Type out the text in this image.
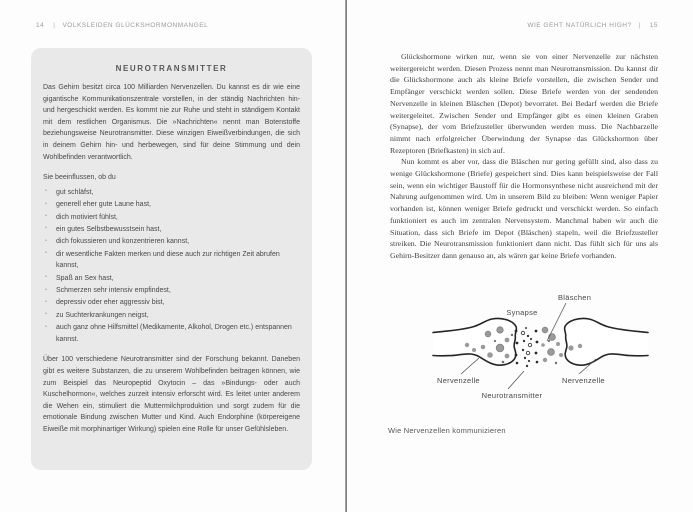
14 | VOLKSLEIDEN GLÜCKSHORMONMANGEL	WIE GEHT NATÜRLICH HIGH? | 15
NEUROTRANSMITTER

Das Gehirn besitzt circa 100 Milliarden Nervenzellen. Du kannst es dir wie eine gigantische Kommunikationszentrale vorstellen, in der ständig Nachrichten hin- und hergeschickt werden. Es kommt nie zur Ruhe und steht in ständigem Kontakt mit dem restlichen Organismus. Die »Nachrichten« nennt man Botenstoffe beziehungsweise Neurotransmitter. Diese winzigen Eiweißverbindungen, die sich in deinem Gehirn hin- und herbewegen, sind für deine Stimmung und dein Wohlbefinden verantwortlich.

Sie beeinflussen, ob du
▪ gut schläfst,
▪ generell eher gute Laune hast,
▪ dich motiviert fühlst,
▪ ein gutes Selbstbewusstsein hast,
▪ dich fokussieren und konzentrieren kannst,
▪ dir wesentliche Fakten merken und diese auch zur richtigen Zeit abrufen kannst,
▪ Spaß an Sex hast,
▪ Schmerzen sehr intensiv empfindest,
▪ depressiv oder eher aggressiv bist,
▪ zu Suchterkrankungen neigst,
▪ auch ganz ohne Hilfsmittel (Medikamente, Alkohol, Drogen etc.) entspannen kannst.

Über 100 verschiedene Neurotransmitter sind der Forschung bekannt. Daneben gibt es weitere Substanzen, die zu unserem Wohlbefinden beitragen können, wie zum Beispiel das Neuropeptid Oxytocin – das »Bindungs- oder auch Kuschelhormon«, welches zurzeit intensiv erforscht wird. Es leitet unter anderem die Wehen ein, stimuliert die Muttermilchproduktion und sorgt zudem für die emotionale Bindung zwischen Mutter und Kind. Auch Endorphine (körpereigene Eiweiße mit morphinartiger Wirkung) spielen eine Rolle für unser Gefühlsleben.

Glückshormone wirken nur, wenn sie von einer Nervenzelle zur nächsten weitergereicht werden. Diesen Prozess nennt man Neurotransmission. Du kannst dir die Glückshormone auch als kleine Briefe vorstellen, die zwischen Sender und Empfänger verschickt werden sollen. Diese Briefe werden von der sendenden Nervenzelle in kleinen Bläschen (Depot) bevorratet. Bei Bedarf werden die Briefe weitergeleitet. Zwischen Sender und Empfänger gibt es einen kleinen Graben (Synapse), der vom Briefzusteller überwunden werden muss. Die Nachbarzelle nimmt nach erfolgreicher Überwindung der Synapse das Glückshormon über Rezeptoren (Briefkasten) in sich auf.

Nun kommt es aber vor, dass die Bläschen nur gering gefüllt sind, also dass zu wenige Glückshormone (Briefe) gespeichert sind. Dies kann beispielsweise der Fall sein, wenn ein wichtiger Baustoff für die Hormonsynthese nicht ausreichend mit der Nahrung aufgenommen wird. Um in unserem Bild zu bleiben: Wenn weniger Papier vorhanden ist, können weniger Briefe gedruckt und verschickt werden. So einfach funktioniert es auch im zentralen Nervensystem. Manchmal haben wir auch die Situation, dass sich Briefe im Depot (Bläschen) stapeln, weil die Briefzusteller streiken. Die Neurotransmission funktioniert dann nicht. Das fühlt sich für uns als Gehirn-Besitzer dann genauso an, als wären gar keine Briefe vorhanden.

Bläschen
Synapse
Nervenzelle	Nervenzelle
Neurotransmitter
Wie Nervenzellen kommunizieren
